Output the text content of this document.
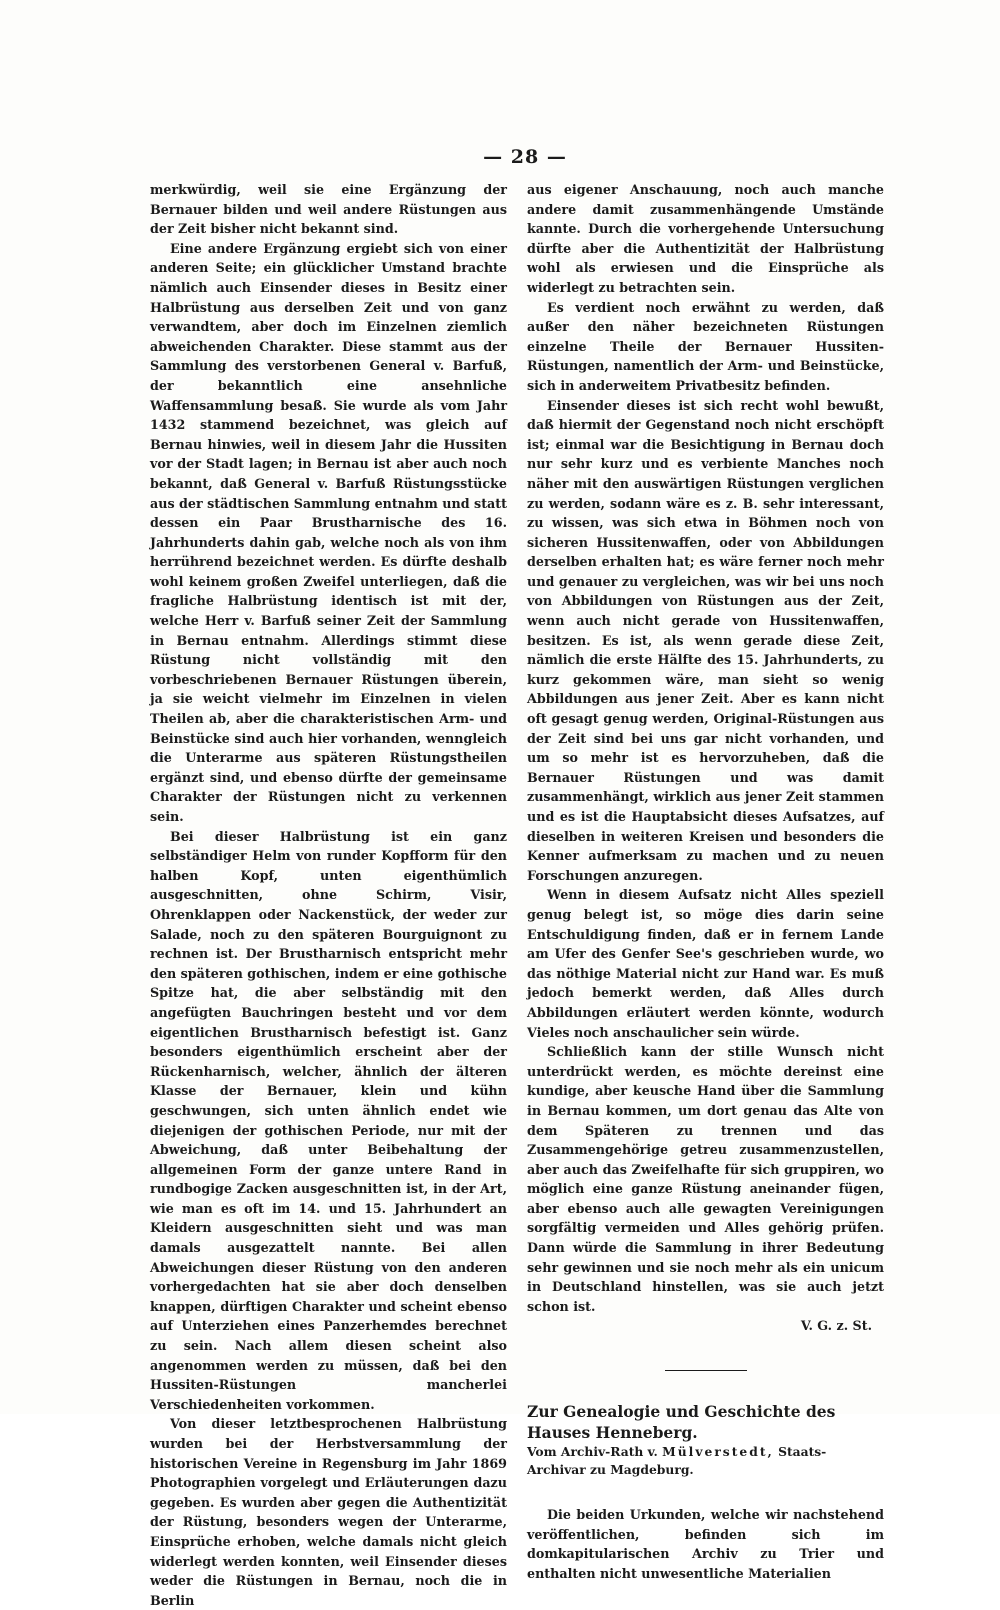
— 28 —

merkwürdig, weil sie eine Ergänzung der Bernauer bilden und weil andere Rüstungen aus der Zeit bisher nicht bekannt sind.

Eine andere Ergänzung ergiebt sich von einer anderen Seite; ein glücklicher Umstand brachte nämlich auch Einsender dieses in Besitz einer Halbrüstung aus derselben Zeit und von ganz verwandtem, aber doch im Einzelnen ziemlich abweichenden Charakter. Diese stammt aus der Sammlung des verstorbenen General v. Barfuß, der bekanntlich eine ansehnliche Waffensammlung besaß. Sie wurde als vom Jahr 1432 stammend bezeichnet, was gleich auf Bernau hinwies, weil in diesem Jahr die Hussiten vor der Stadt lagen; in Bernau ist aber auch noch bekannt, daß General v. Barfuß Rüstungsstücke aus der städtischen Sammlung entnahm und statt dessen ein Paar Brustharnische des 16. Jahrhunderts dahin gab, welche noch als von ihm herrührend bezeichnet werden. Es dürfte deshalb wohl keinem großen Zweifel unterliegen, daß die fragliche Halbrüstung identisch ist mit der, welche Herr v. Barfuß seiner Zeit der Sammlung in Bernau entnahm. Allerdings stimmt diese Rüstung nicht vollständig mit den vorbeschriebenen Bernauer Rüstungen überein, ja sie weicht vielmehr im Einzelnen in vielen Theilen ab, aber die charakteristischen Arm- und Beinstücke sind auch hier vorhanden, wenngleich die Unterarme aus späteren Rüstungstheilen ergänzt sind, und ebenso dürfte der gemeinsame Charakter der Rüstungen nicht zu verkennen sein.

Bei dieser Halbrüstung ist ein ganz selbständiger Helm von runder Kopfform für den halben Kopf, unten eigenthümlich ausgeschnitten, ohne Schirm, Visir, Ohrenklappen oder Nackenstück, der weder zur Salade, noch zu den späteren Bourguignont zu rechnen ist. Der Brustharnisch entspricht mehr den späteren gothischen, indem er eine gothische Spitze hat, die aber selbständig mit den angefügten Bauchringen besteht und vor dem eigentlichen Brustharnisch befestigt ist. Ganz besonders eigenthümlich erscheint aber der Rückenharnisch, welcher, ähnlich der älteren Klasse der Bernauer, klein und kühn geschwungen, sich unten ähnlich endet wie diejenigen der gothischen Periode, nur mit der Abweichung, daß unter Beibehaltung der allgemeinen Form der ganze untere Rand in rundbogige Zacken ausgeschnitten ist, in der Art, wie man es oft im 14. und 15. Jahrhundert an Kleidern ausgeschnitten sieht und was man damals ausgezattelt nannte. Bei allen Abweichungen dieser Rüstung von den anderen vorhergedachten hat sie aber doch denselben knappen, dürftigen Charakter und scheint ebenso auf Unterziehen eines Panzerhemdes berechnet zu sein. Nach allem diesen scheint also angenommen werden zu müssen, daß bei den Hussiten-Rüstungen mancherlei Verschiedenheiten vorkommen.

Von dieser letztbesprochenen Halbrüstung wurden bei der Herbstversammlung der historischen Vereine in Regensburg im Jahr 1869 Photographien vorgelegt und Erläuterungen dazu gegeben. Es wurden aber gegen die Authentizität der Rüstung, besonders wegen der Unterarme, Einsprüche erhoben, welche damals nicht gleich widerlegt werden konnten, weil Einsender dieses weder die Rüstungen in Bernau, noch die in Berlin

aus eigener Anschauung, noch auch manche andere damit zusammenhängende Umstände kannte. Durch die vorhergehende Untersuchung dürfte aber die Authentizität der Halbrüstung wohl als erwiesen und die Einsprüche als widerlegt zu betrachten sein.

Es verdient noch erwähnt zu werden, daß außer den näher bezeichneten Rüstungen einzelne Theile der Bernauer Hussiten-Rüstungen, namentlich der Arm- und Beinstücke, sich in anderweitem Privatbesitz befinden.

Einsender dieses ist sich recht wohl bewußt, daß hiermit der Gegenstand noch nicht erschöpft ist; einmal war die Besichtigung in Bernau doch nur sehr kurz und es verbiente Manches noch näher mit den auswärtigen Rüstungen verglichen zu werden, sodann wäre es z. B. sehr interessant, zu wissen, was sich etwa in Böhmen noch von sicheren Hussitenwaffen, oder von Abbildungen derselben erhalten hat; es wäre ferner noch mehr und genauer zu vergleichen, was wir bei uns noch von Abbildungen von Rüstungen aus der Zeit, wenn auch nicht gerade von Hussitenwaffen, besitzen. Es ist, als wenn gerade diese Zeit, nämlich die erste Hälfte des 15. Jahrhunderts, zu kurz gekommen wäre, man sieht so wenig Abbildungen aus jener Zeit. Aber es kann nicht oft gesagt genug werden, Original-Rüstungen aus der Zeit sind bei uns gar nicht vorhanden, und um so mehr ist es hervorzuheben, daß die Bernauer Rüstungen und was damit zusammenhängt, wirklich aus jener Zeit stammen und es ist die Hauptabsicht dieses Aufsatzes, auf dieselben in weiteren Kreisen und besonders die Kenner aufmerksam zu machen und zu neuen Forschungen anzuregen.

Wenn in diesem Aufsatz nicht Alles speziell genug belegt ist, so möge dies darin seine Entschuldigung finden, daß er in fernem Lande am Ufer des Genfer See's geschrieben wurde, wo das nöthige Material nicht zur Hand war. Es muß jedoch bemerkt werden, daß Alles durch Abbildungen erläutert werden könnte, wodurch Vieles noch anschaulicher sein würde.

Schließlich kann der stille Wunsch nicht unterdrückt werden, es möchte dereinst eine kundige, aber keusche Hand über die Sammlung in Bernau kommen, um dort genau das Alte von dem Späteren zu trennen und das Zusammengehörige getreu zusammenzustellen, aber auch das Zweifelhafte für sich gruppiren, wo möglich eine ganze Rüstung aneinander fügen, aber ebenso auch alle gewagten Vereinigungen sorgfältig vermeiden und Alles gehörig prüfen. Dann würde die Sammlung in ihrer Bedeutung sehr gewinnen und sie noch mehr als ein unicum in Deutschland hinstellen, was sie auch jetzt schon ist.

V. G. z. St.

Zur Genealogie und Geschichte des Hauses Henneberg.

Vom Archiv-Rath v. Mülverstedt, Staats-Archivar zu Magdeburg.

Die beiden Urkunden, welche wir nachstehend veröffentlichen, befinden sich im domkapitularischen Archiv zu Trier und enthalten nicht unwesentliche Materialien
